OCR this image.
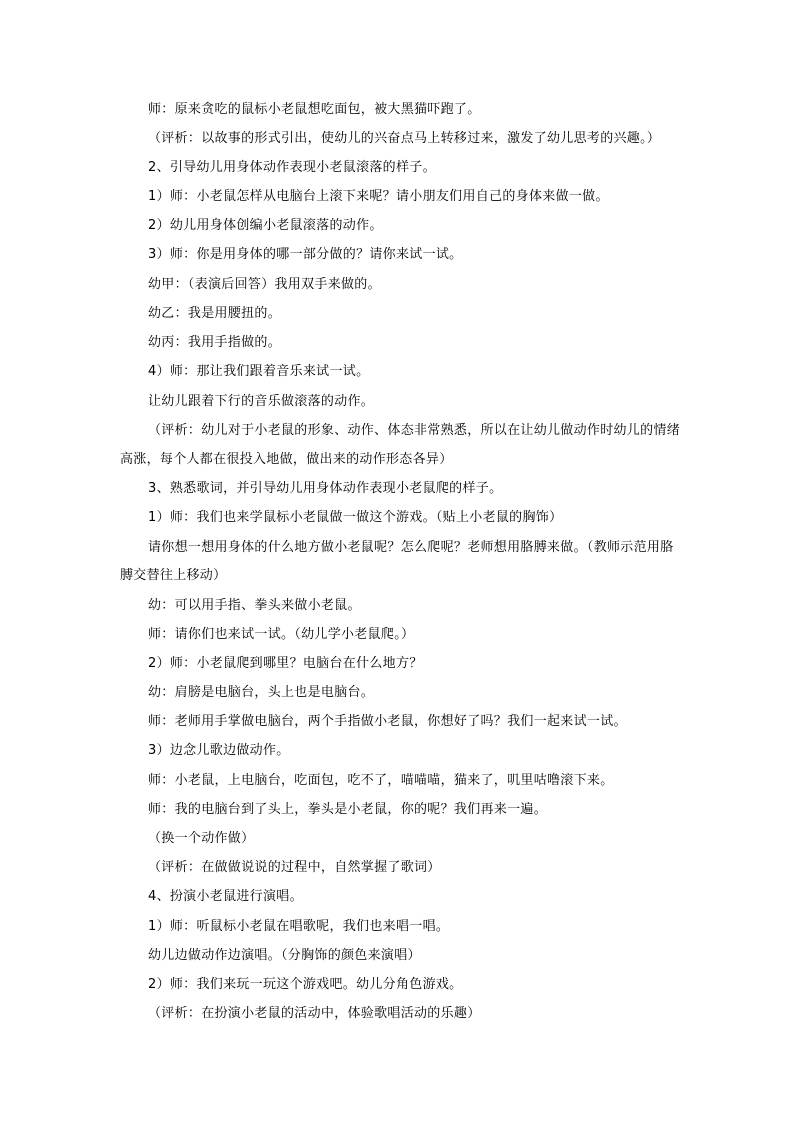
师：原来贪吃的鼠标小老鼠想吃面包，被大黑猫吓跑了。
（评析：以故事的形式引出，使幼儿的兴奋点马上转移过来，激发了幼儿思考的兴趣。）
2、引导幼儿用身体动作表现小老鼠滚落的样子。
1）师：小老鼠怎样从电脑台上滚下来呢？请小朋友们用自己的身体来做一做。
2）幼儿用身体创编小老鼠滚落的动作。
3）师：你是用身体的哪一部分做的？请你来试一试。
幼甲：（表演后回答）我用双手来做的。
幼乙：我是用腰扭的。
幼丙：我用手指做的。
4）师：那让我们跟着音乐来试一试。
让幼儿跟着下行的音乐做滚落的动作。
（评析：幼儿对于小老鼠的形象、动作、体态非常熟悉，所以在让幼儿做动作时幼儿的情绪
高涨，每个人都在很投入地做，做出来的动作形态各异）
3、熟悉歌词，并引导幼儿用身体动作表现小老鼠爬的样子。
1）师：我们也来学鼠标小老鼠做一做这个游戏。（贴上小老鼠的胸饰）
请你想一想用身体的什么地方做小老鼠呢？怎么爬呢？老师想用胳膊来做。（教师示范用胳
膊交替往上移动）
幼：可以用手指、拳头来做小老鼠。
师：请你们也来试一试。（幼儿学小老鼠爬。）
2）师：小老鼠爬到哪里？电脑台在什么地方？
幼：肩膀是电脑台，头上也是电脑台。
师：老师用手掌做电脑台，两个手指做小老鼠，你想好了吗？我们一起来试一试。
3）边念儿歌边做动作。
师：小老鼠，上电脑台，吃面包，吃不了，喵喵喵，猫来了，叽里咕噜滚下来。
师：我的电脑台到了头上，拳头是小老鼠，你的呢？我们再来一遍。
（换一个动作做）
（评析：在做做说说的过程中，自然掌握了歌词）
4、扮演小老鼠进行演唱。
1）师：听鼠标小老鼠在唱歌呢，我们也来唱一唱。
幼儿边做动作边演唱。（分胸饰的颜色来演唱）
2）师：我们来玩一玩这个游戏吧。幼儿分角色游戏。
（评析：在扮演小老鼠的活动中，体验歌唱活动的乐趣）
